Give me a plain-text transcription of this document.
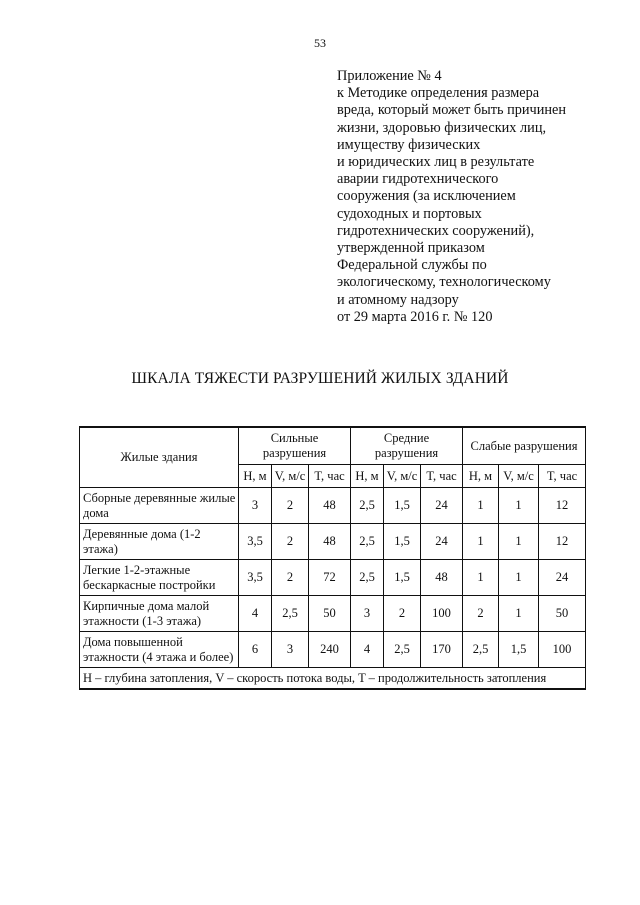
53
Приложение № 4
к Методике определения размера
вреда, который может быть причинен
жизни, здоровью физических лиц,
имуществу физических
и юридических лиц в результате
аварии гидротехнического
сооружения (за исключением
судоходных и портовых
гидротехнических сооружений),
утвержденной приказом
Федеральной службы по
экологическому, технологическому
и атомному надзору
от 29 марта 2016 г. № 120
ШКАЛА ТЯЖЕСТИ РАЗРУШЕНИЙ ЖИЛЫХ ЗДАНИЙ
Жилые здания	Сильные разрушения			Средние разрушения			Слабые разрушения		
	H, м	V, м/с	T, час	H, м	V, м/с	T, час	H, м	V, м/с	T, час
Сборные деревянные жилые дома	3	2	48	2,5	1,5	24	1	1	12
Деревянные дома (1-2 этажа)	3,5	2	48	2,5	1,5	24	1	1	12
Легкие 1-2-этажные бескаркасные постройки	3,5	2	72	2,5	1,5	48	1	1	24
Кирпичные дома малой этажности (1-3 этажа)	4	2,5	50	3	2	100	2	1	50
Дома повышенной этажности (4 этажа и более)	6	3	240	4	2,5	170	2,5	1,5	100
H – глубина затопления, V – скорость потока воды, T – продолжительность затопления									
